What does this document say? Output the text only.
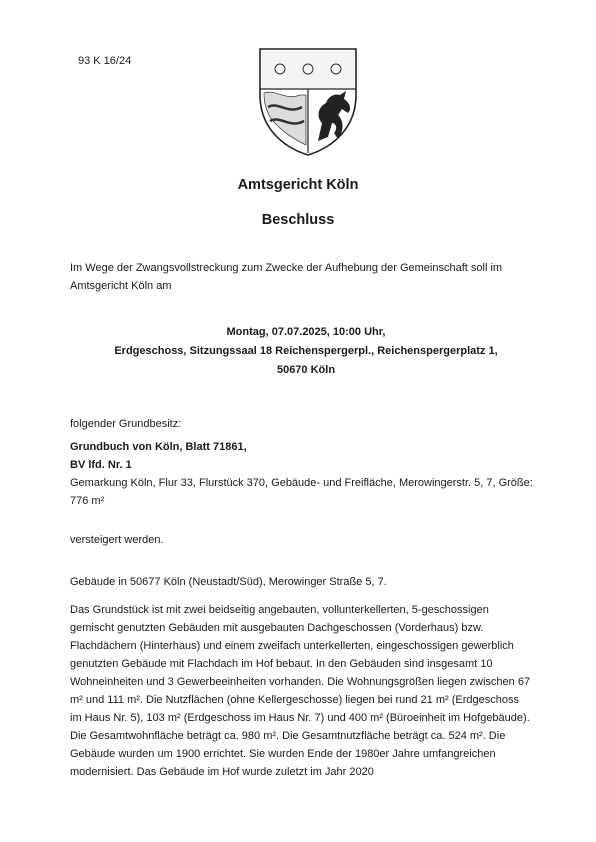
93 K 16/24
Amtsgericht Köln
Beschluss
Im Wege der Zwangsvollstreckung zum Zwecke der Aufhebung der Gemeinschaft soll im Amtsgericht Köln am
Montag, 07.07.2025, 10:00 Uhr,
Erdgeschoss, Sitzungssaal 18 Reichenspergerpl., Reichenspergerplatz 1,
50670 Köln
folgender Grundbesitz:
Grundbuch von Köln, Blatt 71861,
BV lfd. Nr. 1
Gemarkung Köln, Flur 33, Flurstück 370, Gebäude- und Freifläche, Merowingerstr. 5, 7, Größe: 776 m²
versteigert werden.
Gebäude in 50677 Köln (Neustadt/Süd), Merowinger Straße 5, 7.
Das Grundstück ist mit zwei beidseitig angebauten, vollunterkellerten, 5-geschossigen gemischt genutzten Gebäuden mit ausgebauten Dachgeschossen (Vorderhaus) bzw. Flachdächern (Hinterhaus) und einem zweifach unterkellerten, eingeschossigen gewerblich genutzten Gebäude mit Flachdach im Hof bebaut. In den Gebäuden sind insgesamt 10 Wohneinheiten und 3 Gewerbeeinheiten vorhanden. Die Wohnungsgrößen liegen zwischen 67 m² und 111 m². Die Nutzflächen (ohne Kellergeschosse) liegen bei rund 21 m² (Erdgeschoss im Haus Nr. 5), 103 m² (Erdgeschoss im Haus Nr. 7) und 400 m² (Büroeinheit im Hofgebäude). Die Gesamtwohnfläche beträgt ca. 980 m². Die Gesamtnutzfläche beträgt ca. 524 m². Die Gebäude wurden um 1900 errichtet. Sie wurden Ende der 1980er Jahre umfangreichen modernisiert. Das Gebäude im Hof wurde zuletzt im Jahr 2020
